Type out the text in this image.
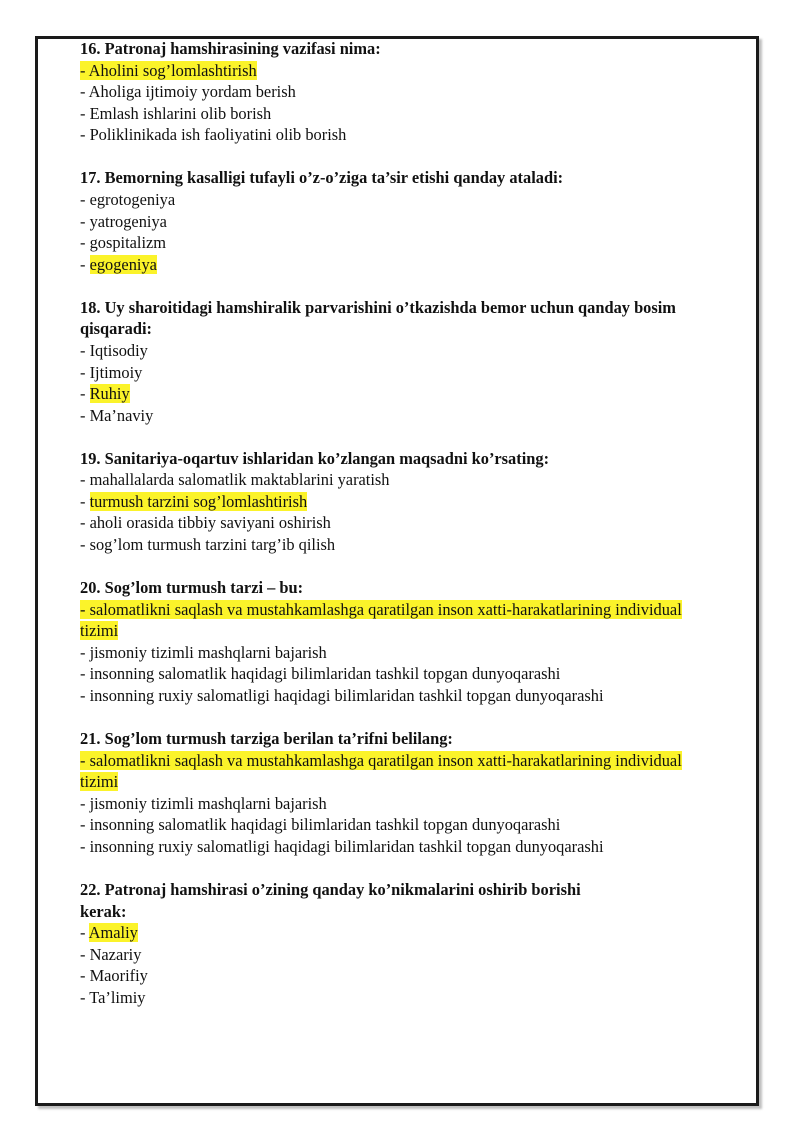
16. Patronaj hamshirasining vazifasi nima:
- Aholini sog’lomlashtirish
- Aholiga ijtimoiy yordam berish
- Emlash ishlarini olib borish
- Poliklinikada ish faoliyatini olib borish
17. Bemorning kasalligi tufayli o’z-o’ziga ta’sir etishi qanday ataladi:
- egrotogeniya
- yatrogeniya
- gospitalizm
- egogeniya
18. Uy sharoitidagi hamshiralik parvarishini o’tkazishda bemor uchun qanday bosim qisqaradi:
- Iqtisodiy
- Ijtimoiy
- Ruhiy
- Ma’naviy
19. Sanitariya-oqartuv ishlaridan ko’zlangan maqsadni ko’rsating:
- mahallalarda salomatlik maktablarini yaratish
- turmush tarzini sog’lomlashtirish
- aholi orasida tibbiy saviyani oshirish
- sog’lom turmush tarzini targ’ib qilish
20. Sog’lom turmush tarzi – bu:
- salomatlikni saqlash va mustahkamlashga qaratilgan inson xatti-harakatlarining individual tizimi
- jismoniy tizimli mashqlarni bajarish
- insonning salomatlik haqidagi bilimlaridan tashkil topgan dunyoqarashi
- insonning ruxiy salomatligi haqidagi bilimlaridan tashkil topgan dunyoqarashi
21. Sog’lom turmush tarziga berilan ta’rifni belilang:
- salomatlikni saqlash va mustahkamlashga qaratilgan inson xatti-harakatlarining individual tizimi
- jismoniy tizimli mashqlarni bajarish
- insonning salomatlik haqidagi bilimlaridan tashkil topgan dunyoqarashi
- insonning ruxiy salomatligi haqidagi bilimlaridan tashkil topgan dunyoqarashi
22. Patronaj hamshirasi o’zining qanday ko’nikmalarini oshirib borishi kerak:
- Amaliy
- Nazariy
- Maorifiy
- Ta’limiy
